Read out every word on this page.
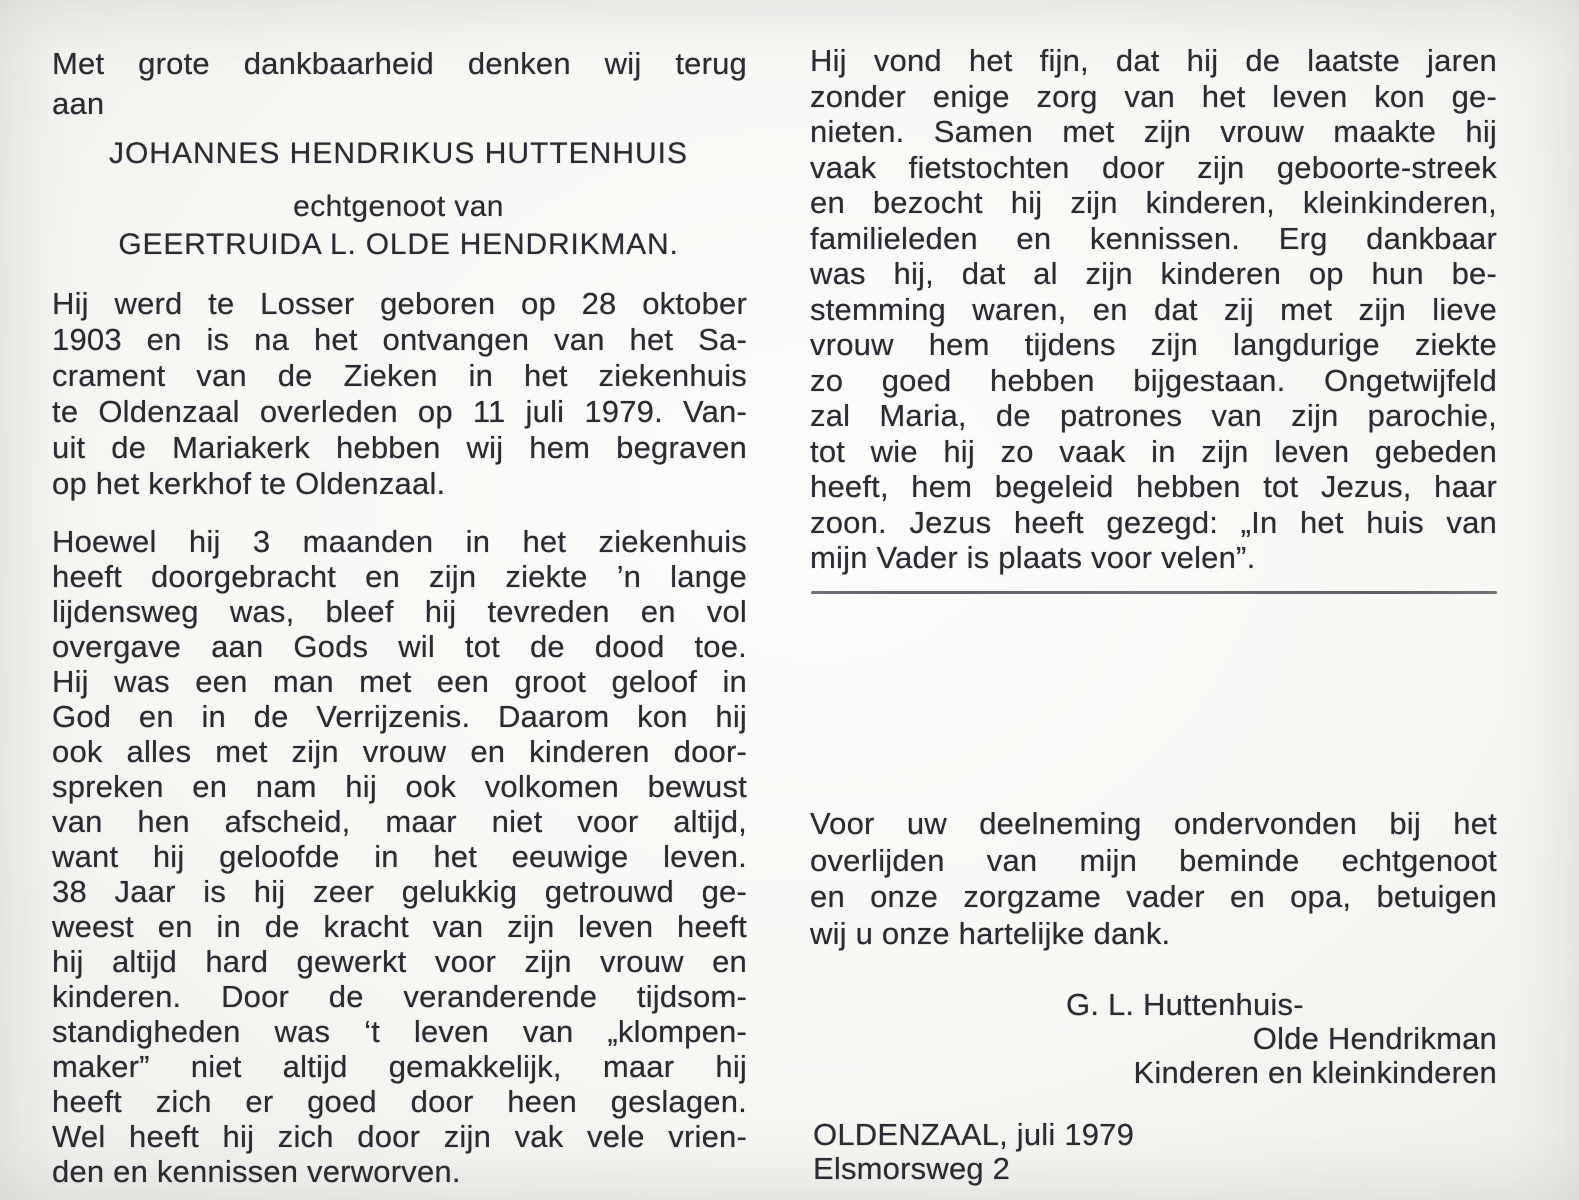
Met grote dankbaarheid denken wij terug
aan
JOHANNES HENDRIKUS HUTTENHUIS
echtgenoot van
GEERTRUIDA L. OLDE HENDRIKMAN.
Hij werd te Losser geboren op 28 oktober
1903 en is na het ontvangen van het Sa-
crament van de Zieken in het ziekenhuis
te Oldenzaal overleden op 11 juli 1979. Van-
uit de Mariakerk hebben wij hem begraven
op het kerkhof te Oldenzaal.
Hoewel hij 3 maanden in het ziekenhuis
heeft doorgebracht en zijn ziekte ’n lange
lijdensweg was, bleef hij tevreden en vol
overgave aan Gods wil tot de dood toe.
Hij was een man met een groot geloof in
God en in de Verrijzenis. Daarom kon hij
ook alles met zijn vrouw en kinderen door-
spreken en nam hij ook volkomen bewust
van hen afscheid, maar niet voor altijd,
want hij geloofde in het eeuwige leven.
38 Jaar is hij zeer gelukkig getrouwd ge-
weest en in de kracht van zijn leven heeft
hij altijd hard gewerkt voor zijn vrouw en
kinderen. Door de veranderende tijdsom-
standigheden was ‘t leven van „klompen-
maker” niet altijd gemakkelijk, maar hij
heeft zich er goed door heen geslagen.
Wel heeft hij zich door zijn vak vele vrien-
den en kennissen verworven.
Hij vond het fijn, dat hij de laatste jaren
zonder enige zorg van het leven kon ge-
nieten. Samen met zijn vrouw maakte hij
vaak fietstochten door zijn geboorte-streek
en bezocht hij zijn kinderen, kleinkinderen,
familieleden en kennissen. Erg dankbaar
was hij, dat al zijn kinderen op hun be-
stemming waren, en dat zij met zijn lieve
vrouw hem tijdens zijn langdurige ziekte
zo goed hebben bijgestaan. Ongetwijfeld
zal Maria, de patrones van zijn parochie,
tot wie hij zo vaak in zijn leven gebeden
heeft, hem begeleid hebben tot Jezus, haar
zoon. Jezus heeft gezegd: „In het huis van
mijn Vader is plaats voor velen”.
Voor uw deelneming ondervonden bij het
overlijden van mijn beminde echtgenoot
en onze zorgzame vader en opa, betuigen
wij u onze hartelijke dank.
G. L. Huttenhuis-
Olde Hendrikman
Kinderen en kleinkinderen
OLDENZAAL, juli 1979
Elsmorsweg 2
